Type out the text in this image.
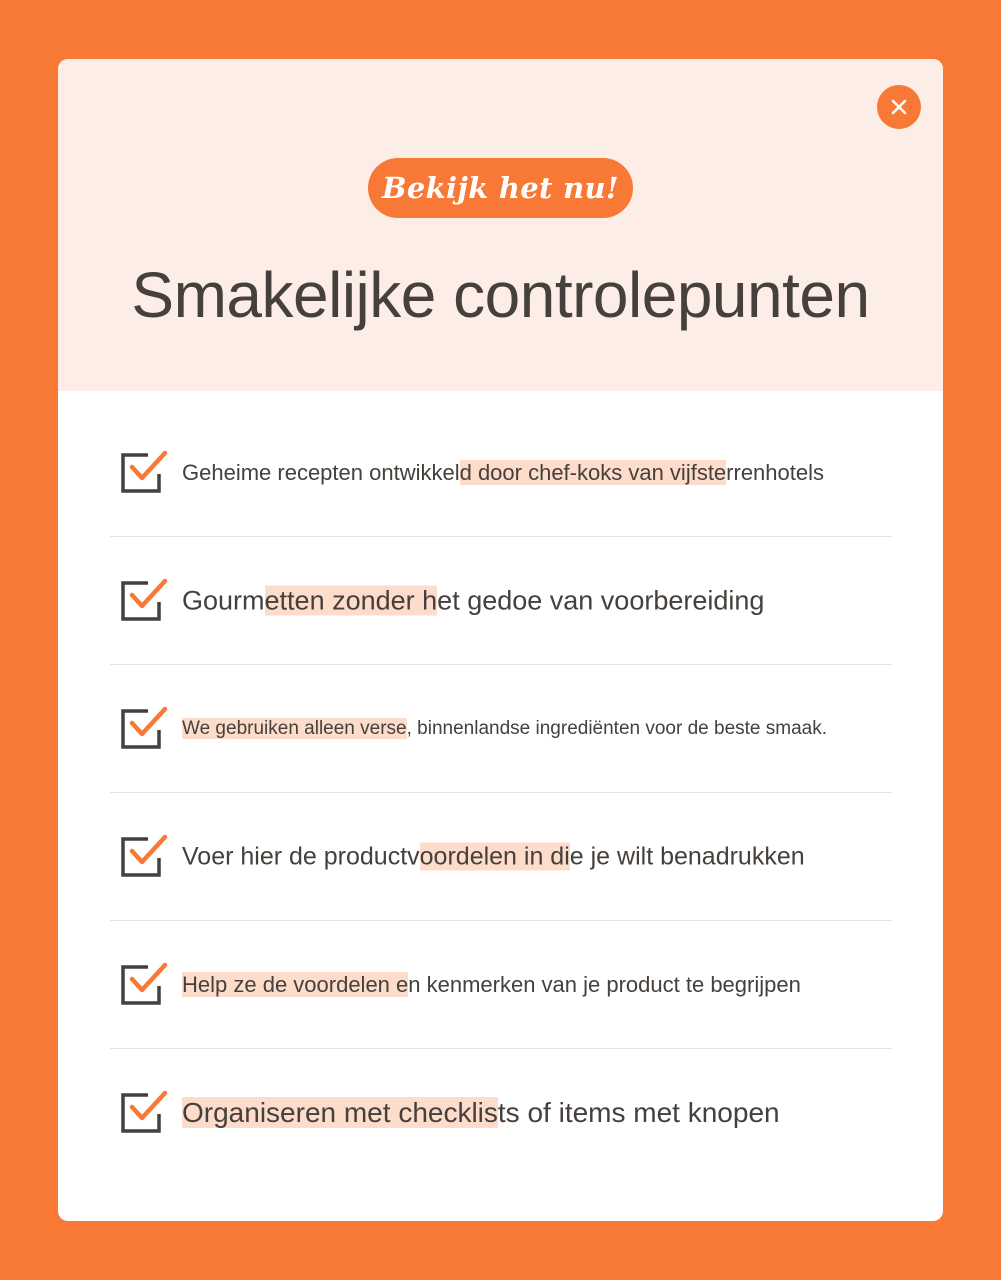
Bekijk het nu!
Smakelijke controlepunten
Geheime recepten ontwikkeld door chef-koks van vijfsterrenhotels
Gourmetten zonder het gedoe van voorbereiding
We gebruiken alleen verse, binnenlandse ingrediënten voor de beste smaak.
Voer hier de productvoordelen in die je wilt benadrukken
Help ze de voordelen en kenmerken van je product te begrijpen
Organiseren met checklists of items met knopen
